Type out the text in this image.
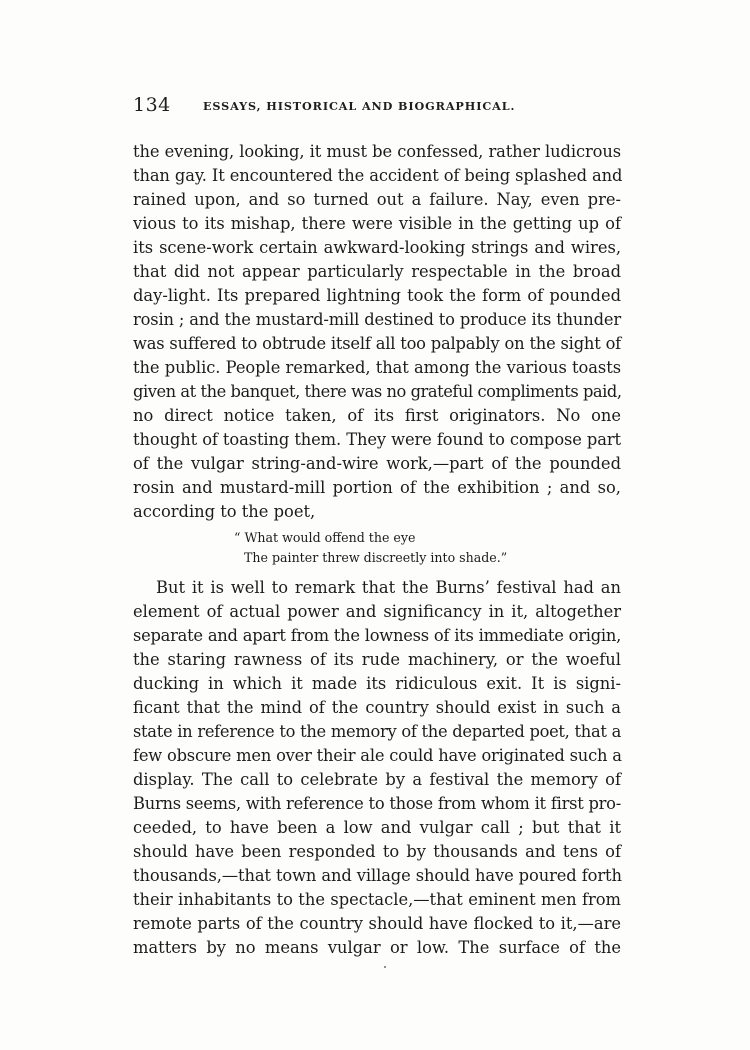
134	ESSAYS, HISTORICAL AND BIOGRAPHICAL.
the evening, looking, it must be confessed, rather ludicrous
than gay. It encountered the accident of being splashed and
rained upon, and so turned out a failure. Nay, even pre-
vious to its mishap, there were visible in the getting up of
its scene-work certain awkward-looking strings and wires,
that did not appear particularly respectable in the broad
day-light. Its prepared lightning took the form of pounded
rosin ; and the mustard-mill destined to produce its thunder
was suffered to obtrude itself all too palpably on the sight of
the public. People remarked, that among the various toasts
given at the banquet, there was no grateful compliments paid,
no direct notice taken, of its first originators. No one
thought of toasting them. They were found to compose part
of the vulgar string-and-wire work,—part of the pounded
rosin and mustard-mill portion of the exhibition ; and so,
according to the poet,
“ What would offend the eye
The painter threw discreetly into shade.”
But it is well to remark that the Burns’ festival had an
element of actual power and significancy in it, altogether
separate and apart from the lowness of its immediate origin,
the staring rawness of its rude machinery, or the woeful
ducking in which it made its ridiculous exit. It is signi-
ficant that the mind of the country should exist in such a
state in reference to the memory of the departed poet, that a
few obscure men over their ale could have originated such a
display. The call to celebrate by a festival the memory of
Burns seems, with reference to those from whom it first pro-
ceeded, to have been a low and vulgar call ; but that it
should have been responded to by thousands and tens of
thousands,—that town and village should have poured forth
their inhabitants to the spectacle,—that eminent men from
remote parts of the country should have flocked to it,—are
matters by no means vulgar or low. The surface of the
